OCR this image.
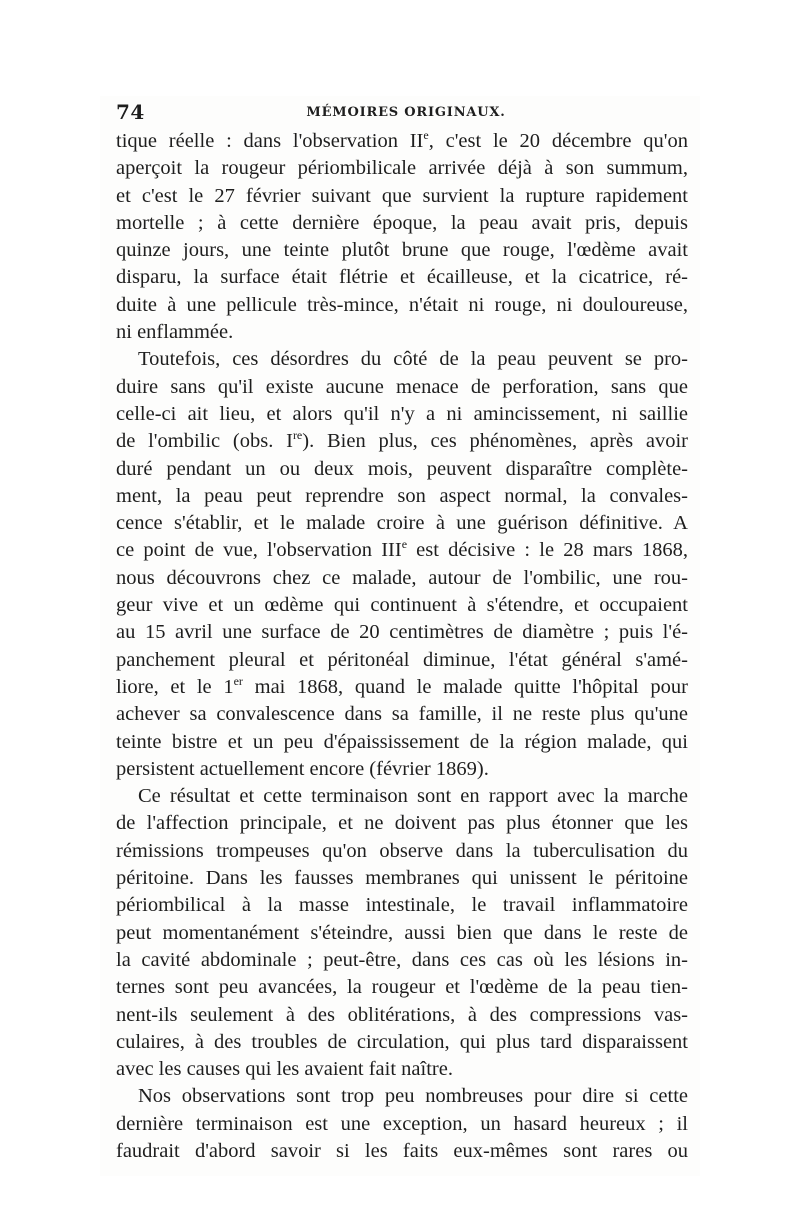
74	MÉMOIRES ORIGINAUX.
tique réelle : dans l'observation IIe, c'est le 20 décembre qu'on
aperçoit la rougeur périombilicale arrivée déjà à son summum,
et c'est le 27 février suivant que survient la rupture rapidement
mortelle ; à cette dernière époque, la peau avait pris, depuis
quinze jours, une teinte plutôt brune que rouge, l'œdème avait
disparu, la surface était flétrie et écailleuse, et la cicatrice, ré-
duite à une pellicule très-mince, n'était ni rouge, ni douloureuse,
ni enflammée.
Toutefois, ces désordres du côté de la peau peuvent se pro-
duire sans qu'il existe aucune menace de perforation, sans que
celle-ci ait lieu, et alors qu'il n'y a ni amincissement, ni saillie
de l'ombilic (obs. Ire). Bien plus, ces phénomènes, après avoir
duré pendant un ou deux mois, peuvent disparaître complète-
ment, la peau peut reprendre son aspect normal, la convales-
cence s'établir, et le malade croire à une guérison définitive. A
ce point de vue, l'observation IIIe est décisive : le 28 mars 1868,
nous découvrons chez ce malade, autour de l'ombilic, une rou-
geur vive et un œdème qui continuent à s'étendre, et occupaient
au 15 avril une surface de 20 centimètres de diamètre ; puis l'é-
panchement pleural et péritonéal diminue, l'état général s'amé-
liore, et le 1er mai 1868, quand le malade quitte l'hôpital pour
achever sa convalescence dans sa famille, il ne reste plus qu'une
teinte bistre et un peu d'épaississement de la région malade, qui
persistent actuellement encore (février 1869).
Ce résultat et cette terminaison sont en rapport avec la marche
de l'affection principale, et ne doivent pas plus étonner que les
rémissions trompeuses qu'on observe dans la tuberculisation du
péritoine. Dans les fausses membranes qui unissent le péritoine
périombilical à la masse intestinale, le travail inflammatoire
peut momentanément s'éteindre, aussi bien que dans le reste de
la cavité abdominale ; peut-être, dans ces cas où les lésions in-
ternes sont peu avancées, la rougeur et l'œdème de la peau tien-
nent-ils seulement à des oblitérations, à des compressions vas-
culaires, à des troubles de circulation, qui plus tard disparaissent
avec les causes qui les avaient fait naître.
Nos observations sont trop peu nombreuses pour dire si cette
dernière terminaison est une exception, un hasard heureux ; il
faudrait d'abord savoir si les faits eux-mêmes sont rares ou
